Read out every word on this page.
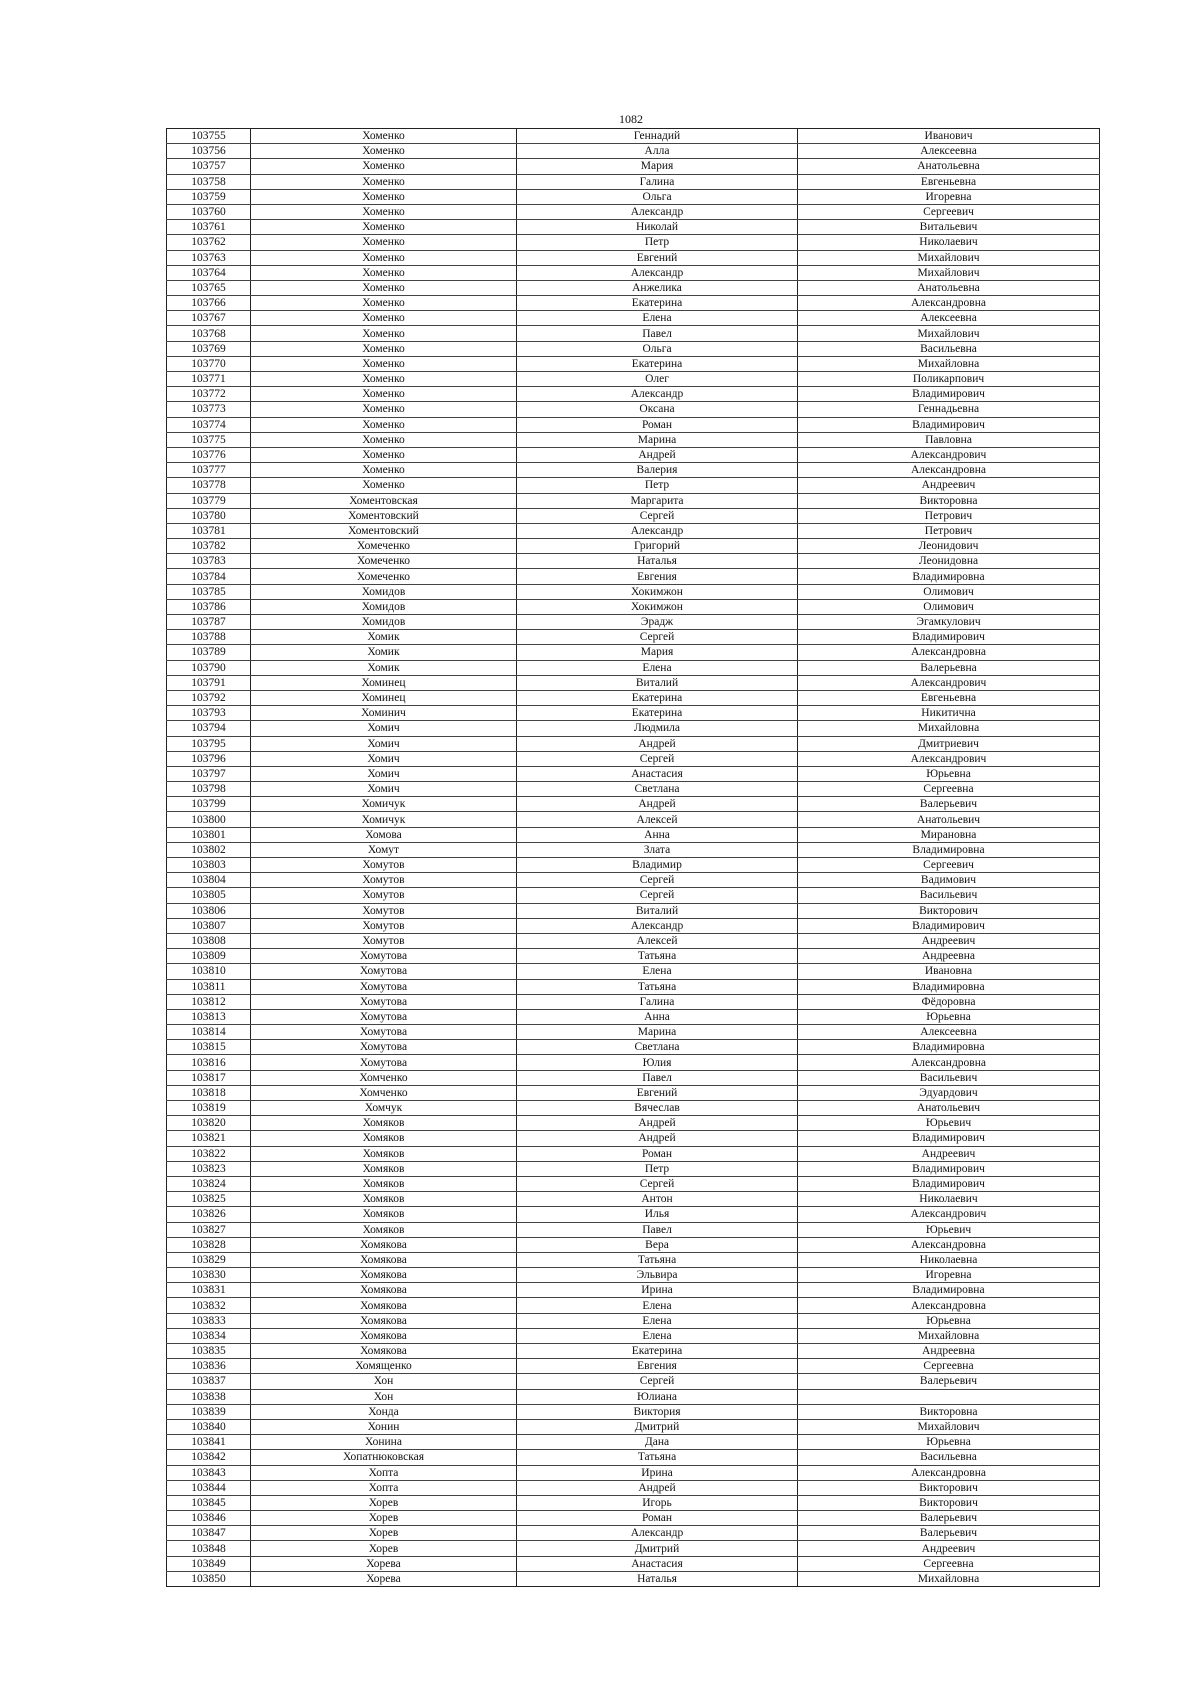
1082
103755	Хоменко	Геннадий	Иванович
103756	Хоменко	Алла	Алексеевна
103757	Хоменко	Мария	Анатольевна
103758	Хоменко	Галина	Евгеньевна
103759	Хоменко	Ольга	Игоревна
103760	Хоменко	Александр	Сергеевич
103761	Хоменко	Николай	Витальевич
103762	Хоменко	Петр	Николаевич
103763	Хоменко	Евгений	Михайлович
103764	Хоменко	Александр	Михайлович
103765	Хоменко	Анжелика	Анатольевна
103766	Хоменко	Екатерина	Александровна
103767	Хоменко	Елена	Алексеевна
103768	Хоменко	Павел	Михайлович
103769	Хоменко	Ольга	Васильевна
103770	Хоменко	Екатерина	Михайловна
103771	Хоменко	Олег	Поликарпович
103772	Хоменко	Александр	Владимирович
103773	Хоменко	Оксана	Геннадьевна
103774	Хоменко	Роман	Владимирович
103775	Хоменко	Марина	Павловна
103776	Хоменко	Андрей	Александрович
103777	Хоменко	Валерия	Александровна
103778	Хоменко	Петр	Андреевич
103779	Хоментовская	Маргарита	Викторовна
103780	Хоментовский	Сергей	Петрович
103781	Хоментовский	Александр	Петрович
103782	Хомеченко	Григорий	Леонидович
103783	Хомеченко	Наталья	Леонидовна
103784	Хомеченко	Евгения	Владимировна
103785	Хомидов	Хокимжон	Олимович
103786	Хомидов	Хокимжон	Олимович
103787	Хомидов	Эрадж	Эгамкулович
103788	Хомик	Сергей	Владимирович
103789	Хомик	Мария	Александровна
103790	Хомик	Елена	Валерьевна
103791	Хоминец	Виталий	Александрович
103792	Хоминец	Екатерина	Евгеньевна
103793	Хоминич	Екатерина	Никитична
103794	Хомич	Людмила	Михайловна
103795	Хомич	Андрей	Дмитриевич
103796	Хомич	Сергей	Александрович
103797	Хомич	Анастасия	Юрьевна
103798	Хомич	Светлана	Сергеевна
103799	Хомичук	Андрей	Валерьевич
103800	Хомичук	Алексей	Анатольевич
103801	Хомова	Анна	Мирановна
103802	Хомут	Злата	Владимировна
103803	Хомутов	Владимир	Сергеевич
103804	Хомутов	Сергей	Вадимович
103805	Хомутов	Сергей	Васильевич
103806	Хомутов	Виталий	Викторович
103807	Хомутов	Александр	Владимирович
103808	Хомутов	Алексей	Андреевич
103809	Хомутова	Татьяна	Андреевна
103810	Хомутова	Елена	Ивановна
103811	Хомутова	Татьяна	Владимировна
103812	Хомутова	Галина	Фёдоровна
103813	Хомутова	Анна	Юрьевна
103814	Хомутова	Марина	Алексеевна
103815	Хомутова	Светлана	Владимировна
103816	Хомутова	Юлия	Александровна
103817	Хомченко	Павел	Васильевич
103818	Хомченко	Евгений	Эдуардович
103819	Хомчук	Вячеслав	Анатольевич
103820	Хомяков	Андрей	Юрьевич
103821	Хомяков	Андрей	Владимирович
103822	Хомяков	Роман	Андреевич
103823	Хомяков	Петр	Владимирович
103824	Хомяков	Сергей	Владимирович
103825	Хомяков	Антон	Николаевич
103826	Хомяков	Илья	Александрович
103827	Хомяков	Павел	Юрьевич
103828	Хомякова	Вера	Александровна
103829	Хомякова	Татьяна	Николаевна
103830	Хомякова	Эльвира	Игоревна
103831	Хомякова	Ирина	Владимировна
103832	Хомякова	Елена	Александровна
103833	Хомякова	Елена	Юрьевна
103834	Хомякова	Елена	Михайловна
103835	Хомякова	Екатерина	Андреевна
103836	Хомященко	Евгения	Сергеевна
103837	Хон	Сергей	Валерьевич
103838	Хон	Юлиана	
103839	Хонда	Виктория	Викторовна
103840	Хонин	Дмитрий	Михайлович
103841	Хонина	Дана	Юрьевна
103842	Хопатнюковская	Татьяна	Васильевна
103843	Хопта	Ирина	Александровна
103844	Хопта	Андрей	Викторович
103845	Хорев	Игорь	Викторович
103846	Хорев	Роман	Валерьевич
103847	Хорев	Александр	Валерьевич
103848	Хорев	Дмитрий	Андреевич
103849	Хорева	Анастасия	Сергеевна
103850	Хорева	Наталья	Михайловна
